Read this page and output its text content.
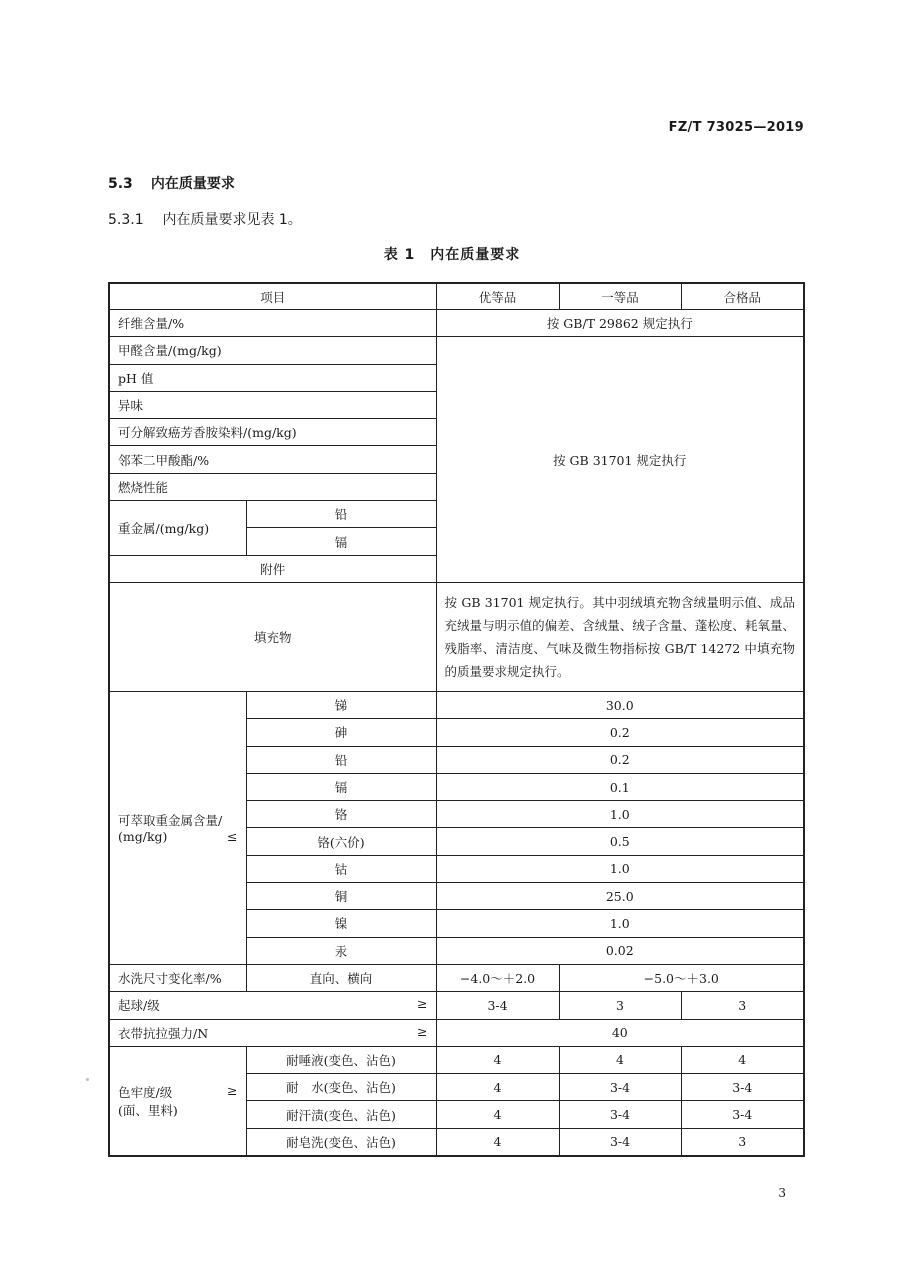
FZ/T 73025—2019
5.3 内在质量要求
5.3.1 内在质量要求见表 1。
表 1　内在质量要求
项目		优等品	一等品	合格品
纤维含量/%		按 GB/T 29862 规定执行		
甲醛含量/(mg/kg)		按 GB 31701 规定执行		
pH 值				
异味				
可分解致癌芳香胺染料/(mg/kg)				
邻苯二甲酸酯/%				
燃烧性能				
重金属/(mg/kg)	铅			
	镉			
附件				
填充物		按 GB 31701 规定执行。其中羽绒填充物含绒量明示值、成品充绒量与明示值的偏差、含绒量、绒子含量、蓬松度、耗氧量、残脂率、清洁度、气味及微生物指标按 GB/T 14272 中填充物的质量要求规定执行。		

可萃取重金属含量/
(mg/kg) ≤	锑	30.0		
	砷	0.2		
	铅	0.2		
	镉	0.1		
	铬	1.0		
	铬(六价)	0.5		
	钴	1.0		
	铜	25.0		
	镍	1.0		
	汞	0.02		
水洗尺寸变化率/%	直向、横向	−4.0～＋2.0	−5.0～＋3.0	
起球/级 ≥		3-4	3	3
衣带抗拉强力/N ≥		40		

色牢度/级 ≥
(面、里料)	耐唾液(变色、沾色)	4	4	4
	耐　水(变色、沾色)	4	3-4	3-4
	耐汗渍(变色、沾色)	4	3-4	3-4
	耐皂洗(变色、沾色)	4	3-4	3
3
